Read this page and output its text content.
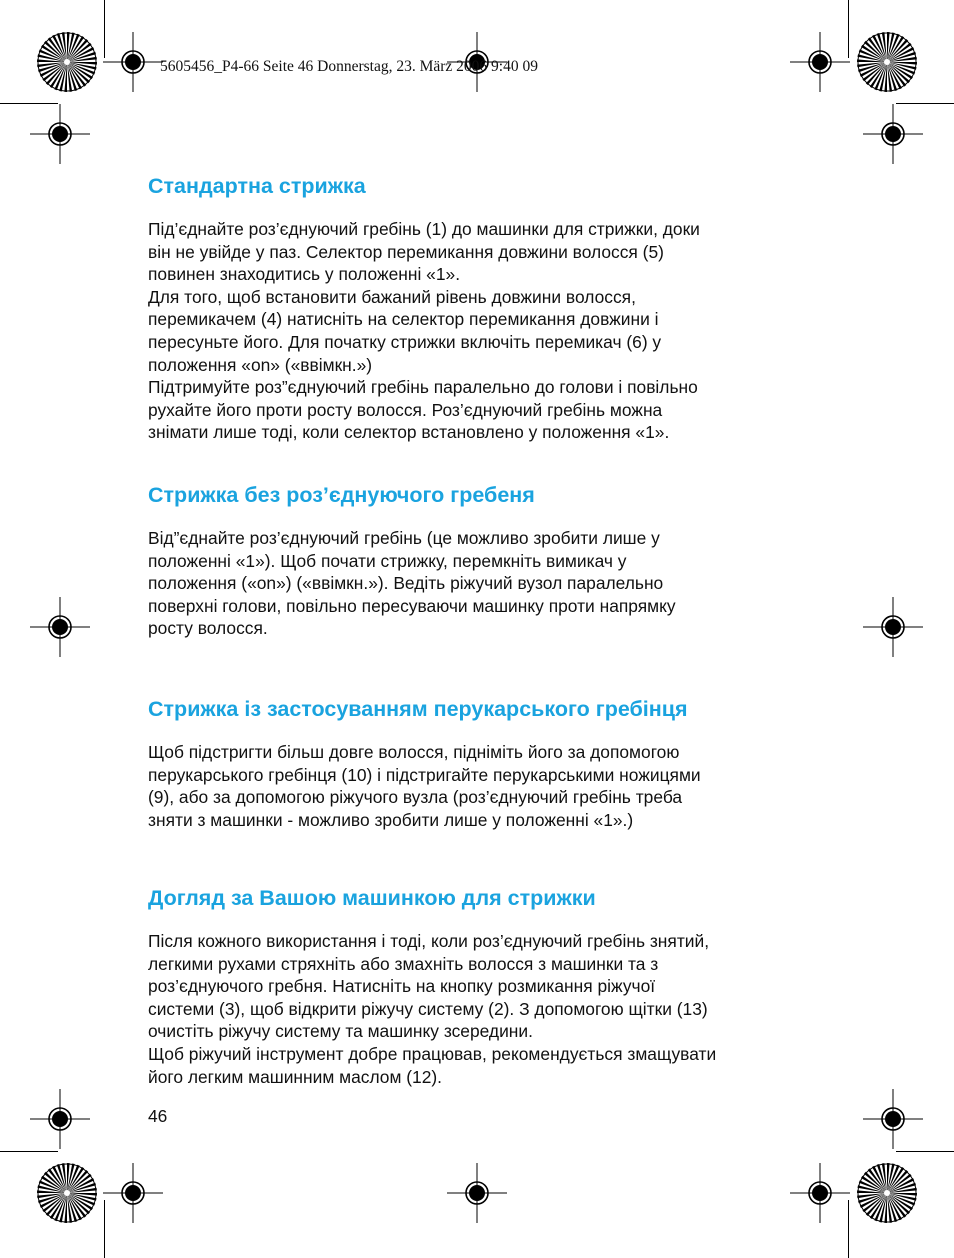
5605456_P4-66 Seite 46 Donnerstag, 23. März 2006 9:40 09
Стандартна стрижка
Під’єднайте роз’єднуючий гребінь (1) до машинки для стрижки, доки
він не увійде у паз. Селектор перемикання довжини волосся (5)
повинен знаходитись у положенні «1».
Для того, щоб встановити бажаний рівень довжини волосся,
перемикачем (4) натисніть на селектор перемикання довжини і
пересуньте його. Для початку стрижки включіть перемикач (6) у
положення «on» («ввімкн.»)
Підтримуйте роз”єднуючий гребінь паралельно до голови і повільно
рухайте його проти росту волосся. Роз’єднуючий гребінь можна
знімати лише тоді, коли селектор встановлено у положення «1».
Стрижка без роз’єднуючого гребеня
Від”єднайте роз’єднуючий гребінь (це можливо зробити лише у
положенні «1»). Щоб почати стрижку, перемкніть вимикач у
положення («on») («ввімкн.»). Ведіть ріжучий вузол паралельно
поверхні голови, повільно пересуваючи машинку проти напрямку
росту волосся.
Стрижка із застосуванням перукарського гребінця
Щоб підстригти більш довге волосся, підніміть його за допомогою
перукарського гребінця (10) і підстригайте перукарськими ножицями
(9), або за допомогою ріжучого вузла (роз’єднуючий гребінь треба
зняти з машинки - можливо зробити лише у положенні «1».)
Догляд за Вашою машинкою для стрижки
Після кожного використання і тоді, коли роз’єднуючий гребінь знятий,
легкими рухами стряхніть або змахніть волосся з машинки та з
роз’єднуючого гребня. Натисніть на кнопку розмикання ріжучої
системи (3), щоб відкрити ріжучу систему (2). З допомогою щітки (13)
очистіть ріжучу систему та машинку зсередини.
Щоб ріжучий інструмент добре працював, рекомендується змащувати
його легким машинним маслом (12).
46
